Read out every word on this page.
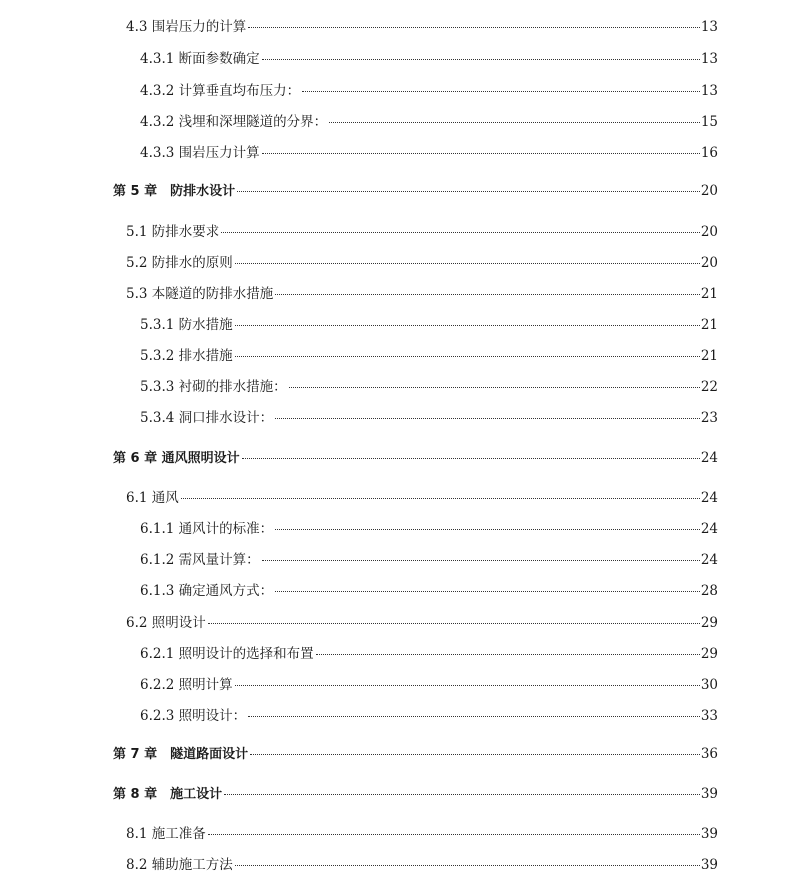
4.3 围岩压力的计算	13
4.3.1 断面参数确定	13
4.3.2 计算垂直均布压力：	13
4.3.2 浅埋和深埋隧道的分界：	15
4.3.3 围岩压力计算	16
第 5 章　防排水设计	20
5.1 防排水要求	20
5.2 防排水的原则	20
5.3 本隧道的防排水措施	21
5.3.1 防水措施	21
5.3.2 排水措施	21
5.3.3 衬砌的排水措施：	22
5.3.4 洞口排水设计：	23
第 6 章 通风照明设计	24
6.1 通风	24
6.1.1 通风计的标准：	24
6.1.2 需风量计算：	24
6.1.3 确定通风方式：	28
6.2 照明设计	29
6.2.1 照明设计的选择和布置	29
6.2.2 照明计算	30
6.2.3 照明设计：	33
第 7 章　隧道路面设计	36
第 8 章　施工设计	39
8.1 施工准备	39
8.2 辅助施工方法	39
